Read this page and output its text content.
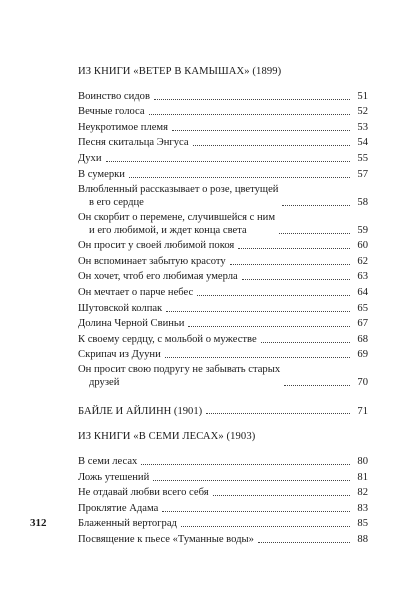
312
ИЗ КНИГИ «ВЕТЕР В КАМЫШАХ» (1899)
Воинство сидов	51
Вечные голоса	52
Неукротимое племя	53
Песня скитальца Энгуса	54
Духи	55
В сумерки	57
Влюбленный рассказывает о розе, цветущей
в его сердце	58
Он скорбит о перемене, случившейся с ним
и его любимой, и ждет конца света	59
Он просит у своей любимой покоя	60
Он вспоминает забытую красоту	62
Он хочет, чтоб его любимая умерла	63
Он мечтает о парче небес	64
Шутовской колпак	65
Долина Черной Свиньи	67
К своему сердцу, с мольбой о мужестве	68
Скрипач из Дууни	69
Он просит свою подругу не забывать старых
друзей	70
БАЙЛЕ И АЙЛИНН (1901)	71
ИЗ КНИГИ «В СЕМИ ЛЕСАХ» (1903)
В семи лесах	80
Ложь утешений	81
Не отдавай любви всего себя	82
Проклятие Адама	83
Блаженный вертоград	85
Посвящение к пьесе «Туманные воды»	88
